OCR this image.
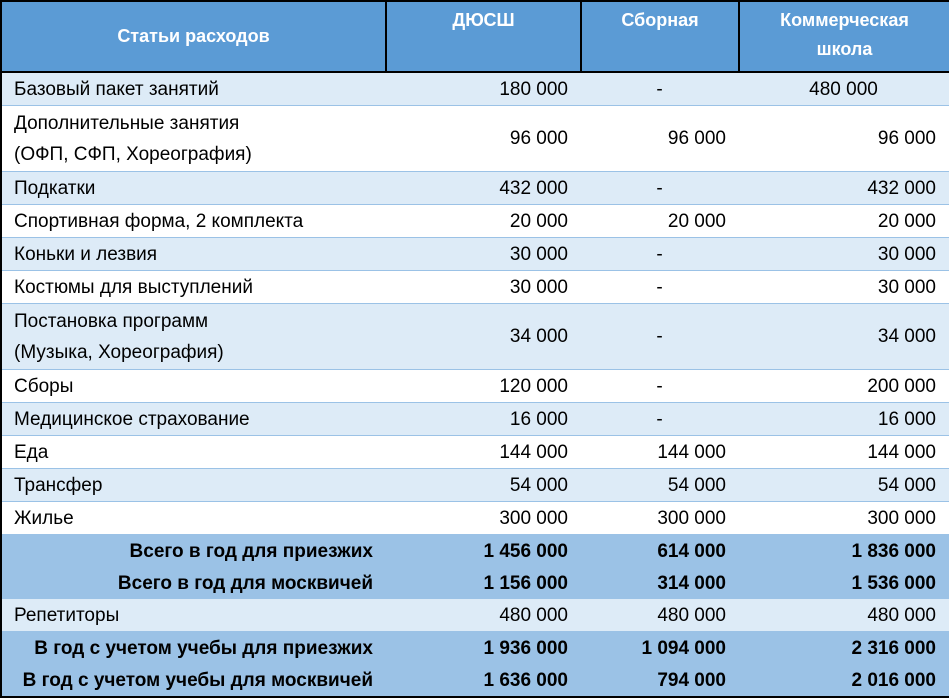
Статьи расходов	ДЮСШ	Сборная	Коммерческая школа

Базовый пакет занятий	180 000	-	480 000

Дополнительные занятия
(ОФП, СФП, Хореография)	96 000	96 000	96 000

Подкатки	432 000	-	432 000

Спортивная форма, 2 комплекта	20 000	20 000	20 000

Коньки и лезвия	30 000	-	30 000

Костюмы для выступлений	30 000	-	30 000

Постановка программ
(Музыка, Хореография)	34 000	-	34 000

Сборы	120 000	-	200 000

Медицинское страхование	16 000	-	16 000

Еда	144 000	144 000	144 000

Трансфер	54 000	54 000	54 000

Жилье	300 000	300 000	300 000

Всего в год для приезжих	1 456 000	614 000	1 836 000

Всего в год для москвичей	1 156 000	314 000	1 536 000

Репетиторы	480 000	480 000	480 000

В год с учетом учебы для приезжих	1 936 000	1 094 000	2 316 000

В год с учетом учебы для москвичей	1 636 000	794 000	2 016 000
